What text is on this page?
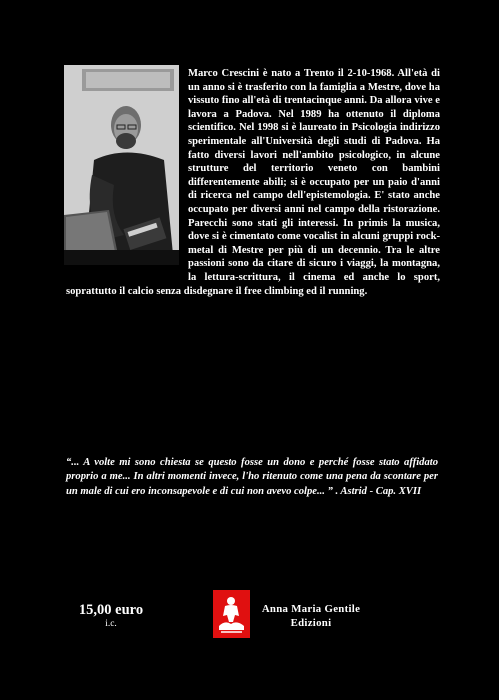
Marco Crescini è nato a Trento il 2-10-1968. All'età di un anno si è trasferito con la famiglia a Mestre, dove ha vissuto fino all'età di trentacinque anni. Da allora vive e lavora a Padova. Nel 1989 ha ottenuto il diploma scientifico. Nel 1998 si è laureato in Psicologia indirizzo sperimentale all'Università degli studi di Padova. Ha fatto diversi lavori nell'ambito psicologico, in alcune strutture del territorio veneto con bambini differentemente abili; si è occupato per un paio d'anni di ricerca nel campo dell'epistemologia. E' stato anche occupato per diversi anni nel campo della ristorazione. Parecchi sono stati gli interessi. In primis la musica, dove si è cimentato come vocalist in alcuni gruppi rock-metal di Mestre per più di un decennio. Tra le altre passioni sono da citare di sicuro i viaggi, la montagna, la lettura-scrittura, il cinema ed anche lo sport, soprattutto il calcio senza disdegnare il free climbing ed il running.
“... A volte mi sono chiesta se questo fosse un dono e perché fosse stato affidato proprio a me... In altri momenti invece, l'ho ritenuto come una pena da scontare per un male di cui ero inconsapevole e di cui non avevo colpe... ” . Astrid - Cap. XVII
15,00 euro
i.c.
Anna Maria Gentile
Edizioni
